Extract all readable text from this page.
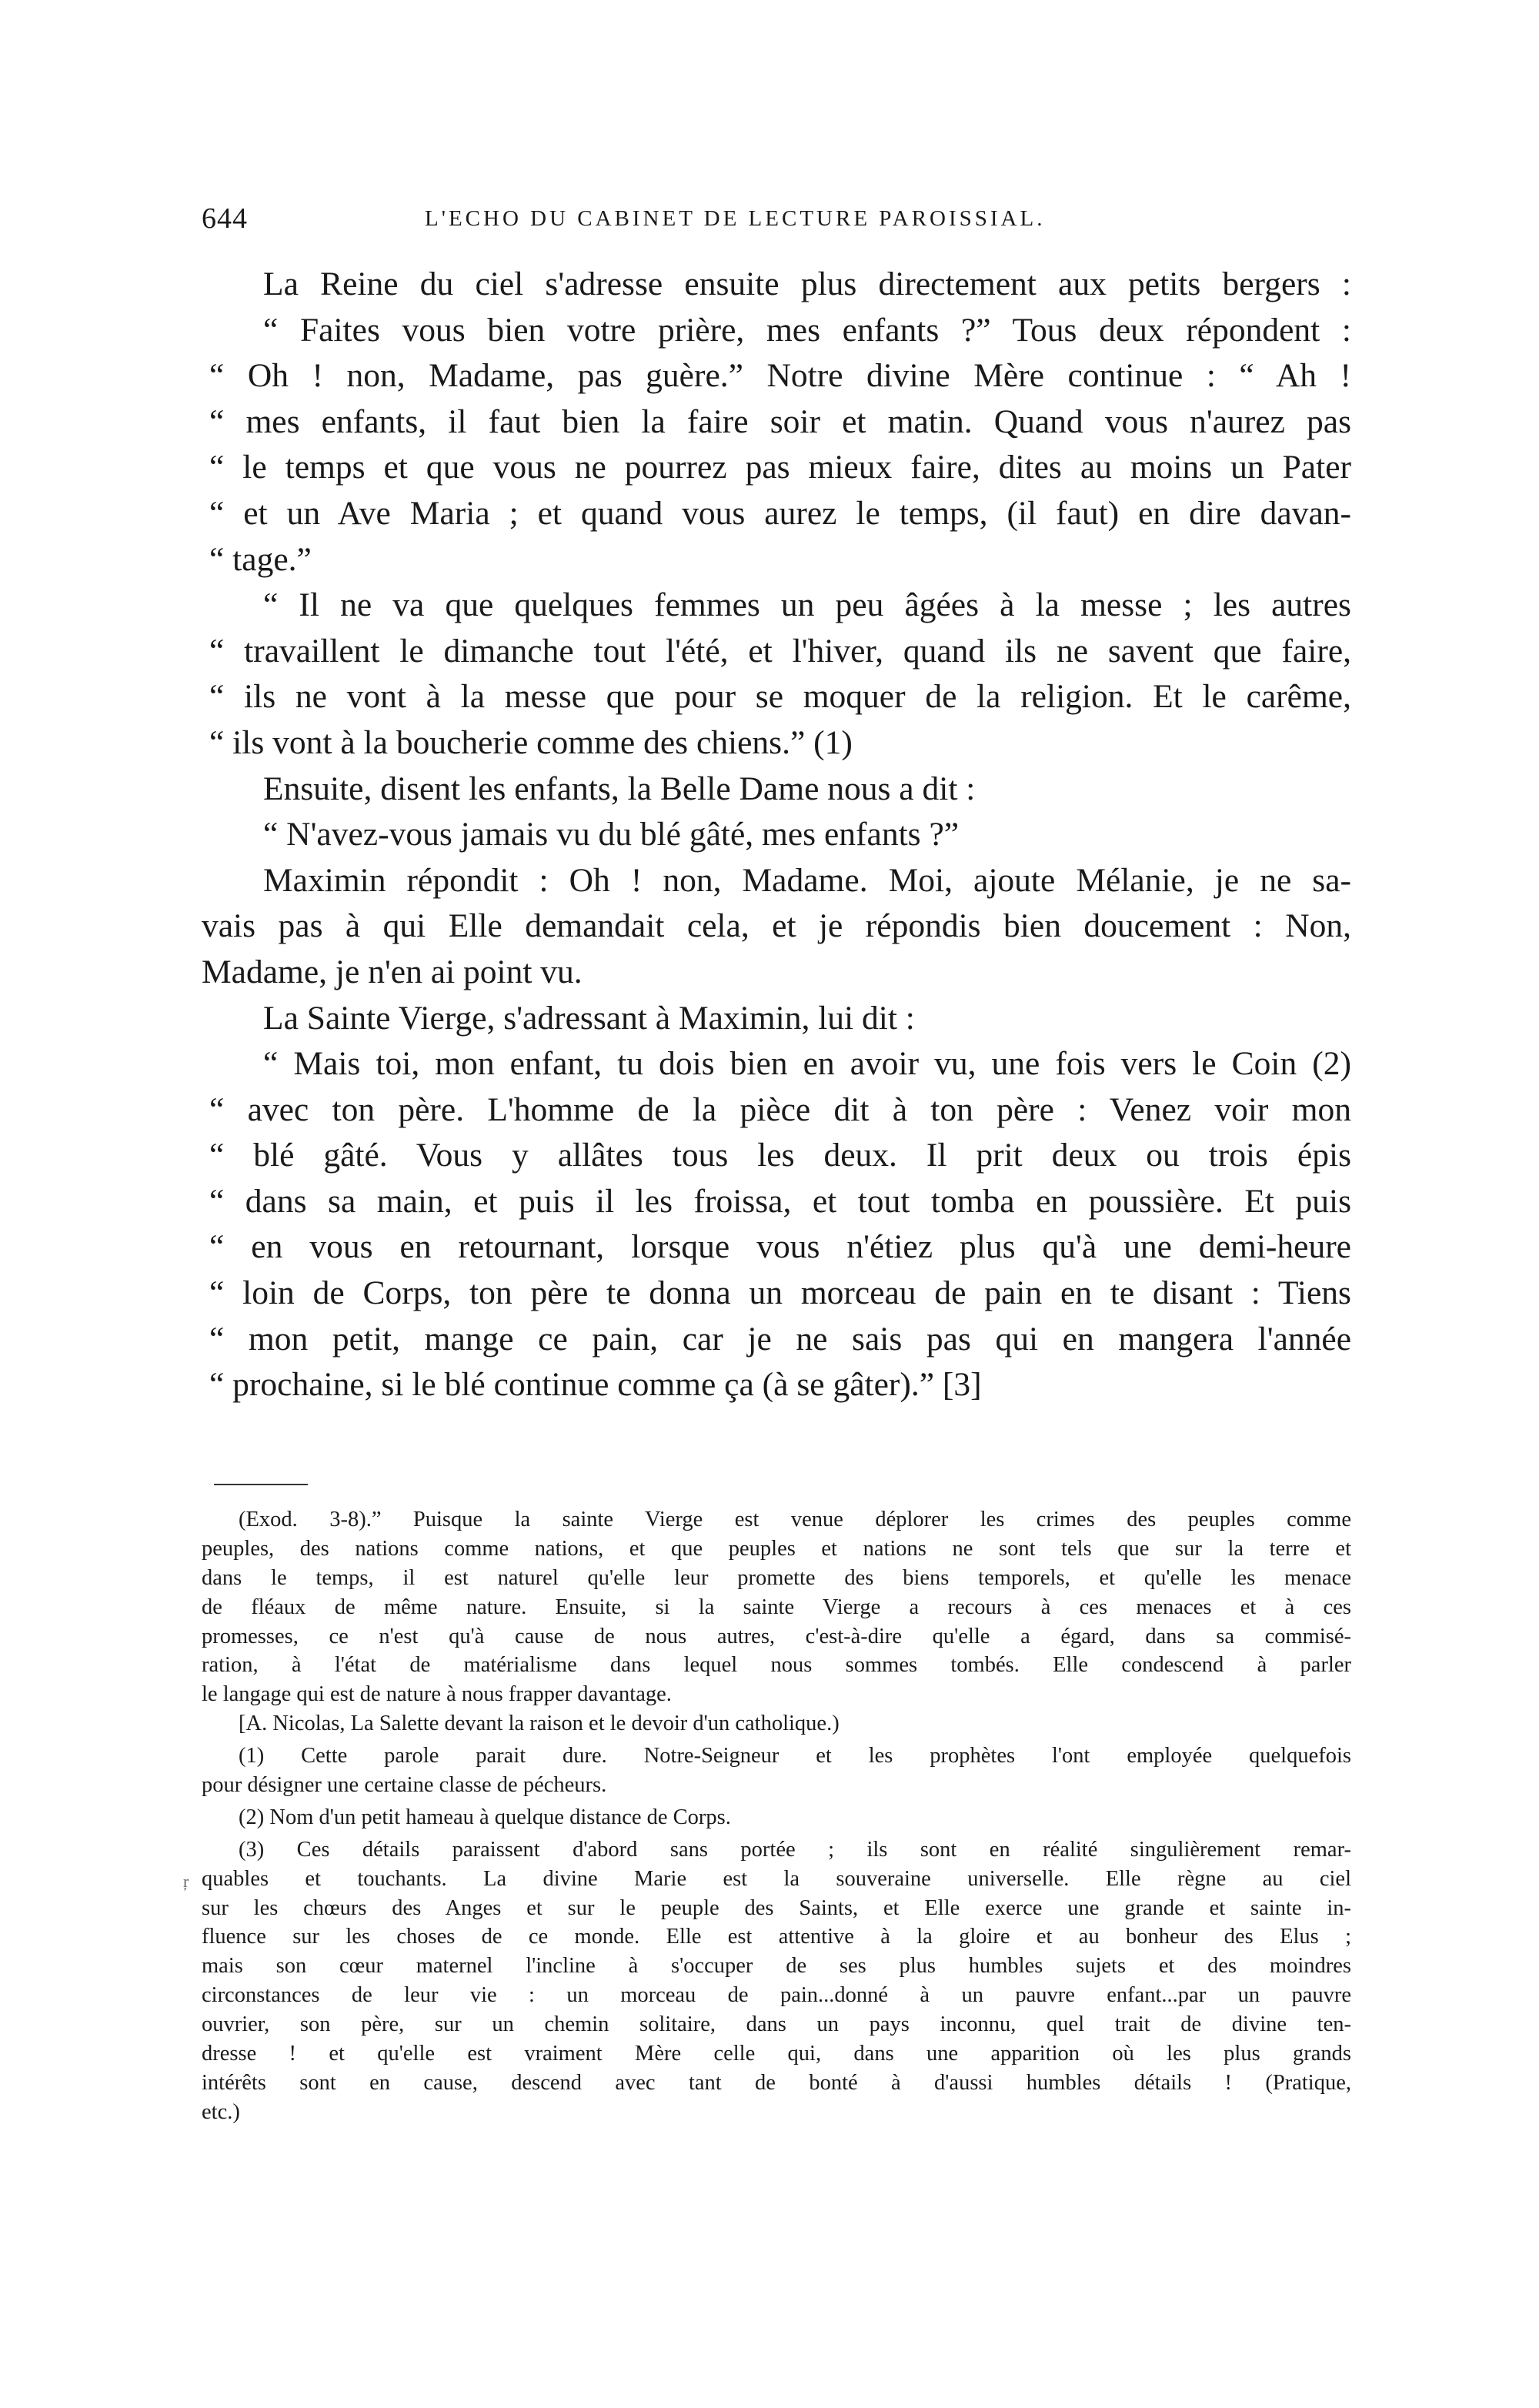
644	L'ECHO DU CABINET DE LECTURE PAROISSIAL.
La Reine du ciel s'adresse ensuite plus directement aux petits bergers :
“ Faites vous bien votre prière, mes enfants ?” Tous deux répondent :
“ Oh ! non, Madame, pas guère.” Notre divine Mère continue : “ Ah !
“ mes enfants, il faut bien la faire soir et matin. Quand vous n'aurez pas
“ le temps et que vous ne pourrez pas mieux faire, dites au moins un Pater
“ et un Ave Maria ; et quand vous aurez le temps, (il faut) en dire davan-
“ tage.”
“ Il ne va que quelques femmes un peu âgées à la messe ; les autres
“ travaillent le dimanche tout l'été, et l'hiver, quand ils ne savent que faire,
“ ils ne vont à la messe que pour se moquer de la religion. Et le carême,
“ ils vont à la boucherie comme des chiens.” (1)
Ensuite, disent les enfants, la Belle Dame nous a dit :
“ N'avez-vous jamais vu du blé gâté, mes enfants ?”
Maximin répondit : Oh ! non, Madame. Moi, ajoute Mélanie, je ne sa-
vais pas à qui Elle demandait cela, et je répondis bien doucement : Non,
Madame, je n'en ai point vu.
La Sainte Vierge, s'adressant à Maximin, lui dit :
“ Mais toi, mon enfant, tu dois bien en avoir vu, une fois vers le Coin (2)
“ avec ton père. L'homme de la pièce dit à ton père : Venez voir mon
“ blé gâté. Vous y allâtes tous les deux. Il prit deux ou trois épis
“ dans sa main, et puis il les froissa, et tout tomba en poussière. Et puis
“ en vous en retournant, lorsque vous n'étiez plus qu'à une demi-heure
“ loin de Corps, ton père te donna un morceau de pain en te disant : Tiens
“ mon petit, mange ce pain, car je ne sais pas qui en mangera l'année
“ prochaine, si le blé continue comme ça (à se gâter).” [3]
(Exod. 3-8).” Puisque la sainte Vierge est venue déplorer les crimes des peuples comme
peuples, des nations comme nations, et que peuples et nations ne sont tels que sur la terre et
dans le temps, il est naturel qu'elle leur promette des biens temporels, et qu'elle les menace
de fléaux de même nature. Ensuite, si la sainte Vierge a recours à ces menaces et à ces
promesses, ce n'est qu'à cause de nous autres, c'est-à-dire qu'elle a égard, dans sa commisé-
ration, à l'état de matérialisme dans lequel nous sommes tombés. Elle condescend à parler
le langage qui est de nature à nous frapper davantage.
[A. Nicolas, La Salette devant la raison et le devoir d'un catholique.)
(1) Cette parole parait dure. Notre-Seigneur et les prophètes l'ont employée quelquefois
pour désigner une certaine classe de pécheurs.
(2) Nom d'un petit hameau à quelque distance de Corps.
(3) Ces détails paraissent d'abord sans portée ; ils sont en réalité singulièrement remar-
quables et touchants. La divine Marie est la souveraine universelle. Elle règne au ciel
sur les chœurs des Anges et sur le peuple des Saints, et Elle exerce une grande et sainte in-
fluence sur les choses de ce monde. Elle est attentive à la gloire et au bonheur des Elus ;
mais son cœur maternel l'incline à s'occuper de ses plus humbles sujets et des moindres
circonstances de leur vie : un morceau de pain...donné à un pauvre enfant...par un pauvre
ouvrier, son père, sur un chemin solitaire, dans un pays inconnu, quel trait de divine ten-
dresse ! et qu'elle est vraiment Mère celle qui, dans une apparition où les plus grands
intérêts sont en cause, descend avec tant de bonté à d'aussi humbles détails ! (Pratique,
etc.)
ŗ
